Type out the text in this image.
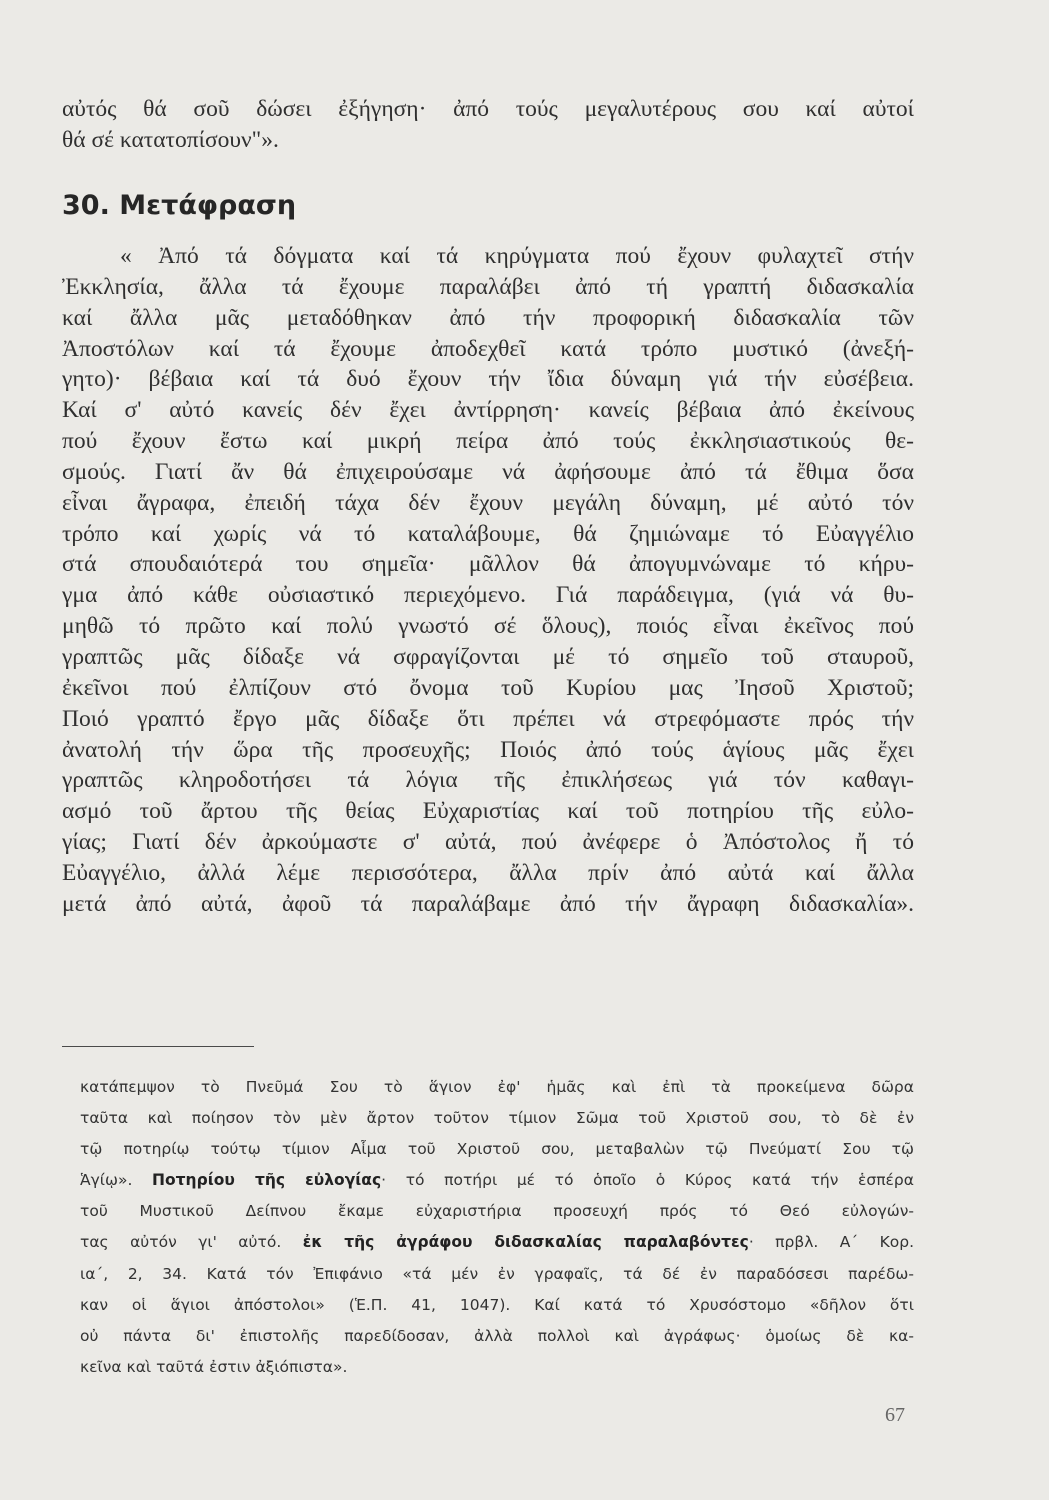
αὐτός θά σοῦ δώσει ἐξήγηση· ἀπό τούς μεγαλυτέρους σου καί αὐτοί
θά σέ κατατοπίσουν"».
30. Μετάφραση
« Ἀπό τά δόγματα καί τά κηρύγματα πού ἔχουν φυλαχτεῖ στήν
Ἐκκλησία, ἄλλα τά ἔχουμε παραλάβει ἀπό τή γραπτή διδασκαλία
καί ἄλλα μᾶς μεταδόθηκαν ἀπό τήν προφορική διδασκαλία τῶν
Ἀποστόλων καί τά ἔχουμε ἀποδεχθεῖ κατά τρόπο μυστικό (ἀνεξή-
γητο)· βέβαια καί τά δυό ἔχουν τήν ἴδια δύναμη γιά τήν εὐσέβεια.
Καί σ' αὐτό κανείς δέν ἔχει ἀντίρρηση· κανείς βέβαια ἀπό ἐκείνους
πού ἔχουν ἔστω καί μικρή πείρα ἀπό τούς ἐκκλησιαστικούς θε-
σμούς. Γιατί ἄν θά ἐπιχειρούσαμε νά ἀφήσουμε ἀπό τά ἔθιμα ὅσα
εἶναι ἄγραφα, ἐπειδή τάχα δέν ἔχουν μεγάλη δύναμη, μέ αὐτό τόν
τρόπο καί χωρίς νά τό καταλάβουμε, θά ζημιώναμε τό Εὐαγγέλιο
στά σπουδαιότερά του σημεῖα· μᾶλλον θά ἀπογυμνώναμε τό κήρυ-
γμα ἀπό κάθε οὐσιαστικό περιεχόμενο. Γιά παράδειγμα, (γιά νά θυ-
μηθῶ τό πρῶτο καί πολύ γνωστό σέ ὅλους), ποιός εἶναι ἐκεῖνος πού
γραπτῶς μᾶς δίδαξε νά σφραγίζονται μέ τό σημεῖο τοῦ σταυροῦ,
ἐκεῖνοι πού ἐλπίζουν στό ὄνομα τοῦ Κυρίου μας Ἰησοῦ Χριστοῦ;
Ποιό γραπτό ἔργο μᾶς δίδαξε ὅτι πρέπει νά στρεφόμαστε πρός τήν
ἀνατολή τήν ὥρα τῆς προσευχῆς; Ποιός ἀπό τούς ἁγίους μᾶς ἔχει
γραπτῶς κληροδοτήσει τά λόγια τῆς ἐπικλήσεως γιά τόν καθαγι-
ασμό τοῦ ἄρτου τῆς θείας Εὐχαριστίας καί τοῦ ποτηρίου τῆς εὐλο-
γίας; Γιατί δέν ἀρκούμαστε σ' αὐτά, πού ἀνέφερε ὁ Ἀπόστολος ἤ τό
Εὐαγγέλιο, ἀλλά λέμε περισσότερα, ἄλλα πρίν ἀπό αὐτά καί ἄλλα
μετά ἀπό αὐτά, ἀφοῦ τά παραλάβαμε ἀπό τήν ἄγραφη διδασκαλία».
κατάπεμψον τὸ Πνεῦμά Σου τὸ ἅγιον ἐφ' ἡμᾶς καὶ ἐπὶ τὰ προκείμενα δῶρα
ταῦτα καὶ ποίησον τὸν μὲν ἄρτον τοῦτον τίμιον Σῶμα τοῦ Χριστοῦ σου, τὸ δὲ ἐν
τῷ ποτηρίῳ τούτῳ τίμιον Αἷμα τοῦ Χριστοῦ σου, μεταβαλὼν τῷ Πνεύματί Σου τῷ
Ἁγίῳ». Ποτηρίου τῆς εὐλογίας· τό ποτήρι μέ τό ὁποῖο ὁ Κύρος κατά τήν ἑσπέρα
τοῦ Μυστικοῦ Δείπνου ἔκαμε εὐχαριστήρια προσευχή πρός τό Θεό εὐλογών-
τας αὐτόν γι' αὐτό. ἐκ τῆς ἀγράφου διδασκαλίας παραλαβόντες· πρβλ. Α΄ Κορ.
ια΄, 2, 34. Κατά τόν Ἐπιφάνιο «τά μέν ἐν γραφαῖς, τά δέ ἐν παραδόσεσι παρέδω-
καν οἱ ἅγιοι ἀπόστολοι» (Ἑ.Π. 41, 1047). Καί κατά τό Χρυσόστομο «δῆλον ὅτι
οὐ πάντα δι' ἐπιστολῆς παρεδίδοσαν, ἀλλὰ πολλοὶ καὶ ἀγράφως· ὁμοίως δὲ κα-
κεῖνα καὶ ταῦτά ἐστιν ἀξιόπιστα».
67
